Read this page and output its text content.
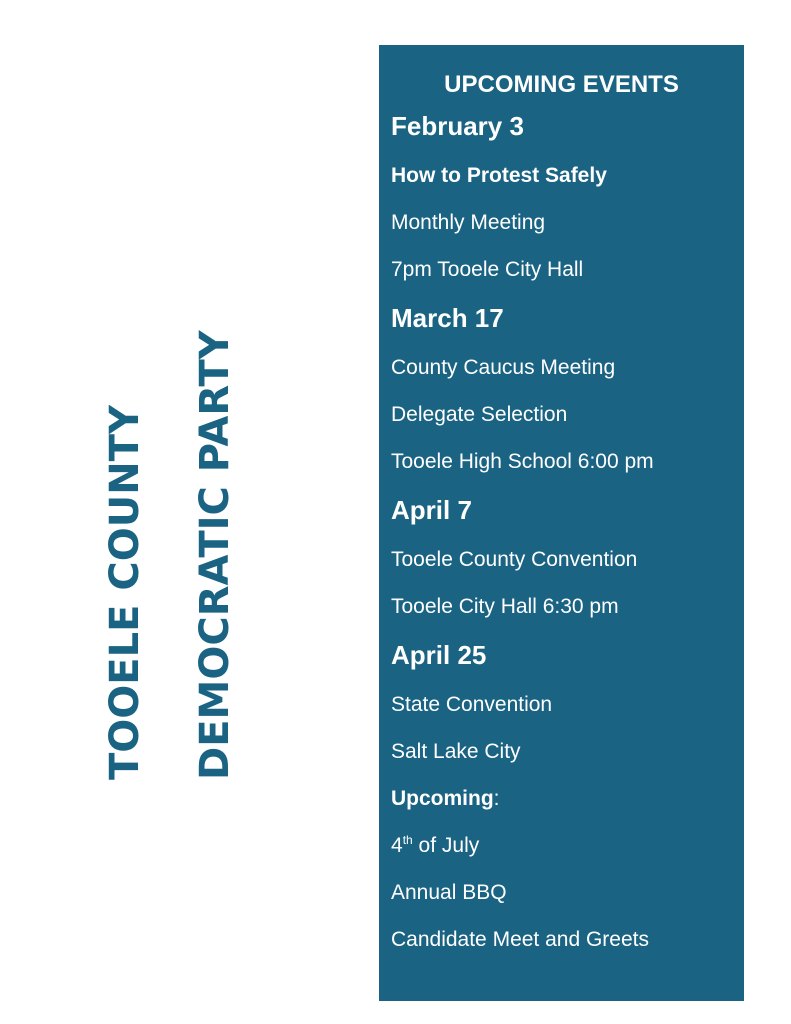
TOOELE COUNTY DEMOCRATIC PARTY
UPCOMING EVENTS
February 3
How to Protest Safely
Monthly Meeting
7pm Tooele City Hall
March 17
County Caucus Meeting
Delegate Selection
Tooele High School 6:00 pm
April 7
Tooele County Convention
Tooele City Hall 6:30 pm
April 25
State Convention
Salt Lake City
Upcoming:
4th of July
Annual BBQ
Candidate Meet and Greets
